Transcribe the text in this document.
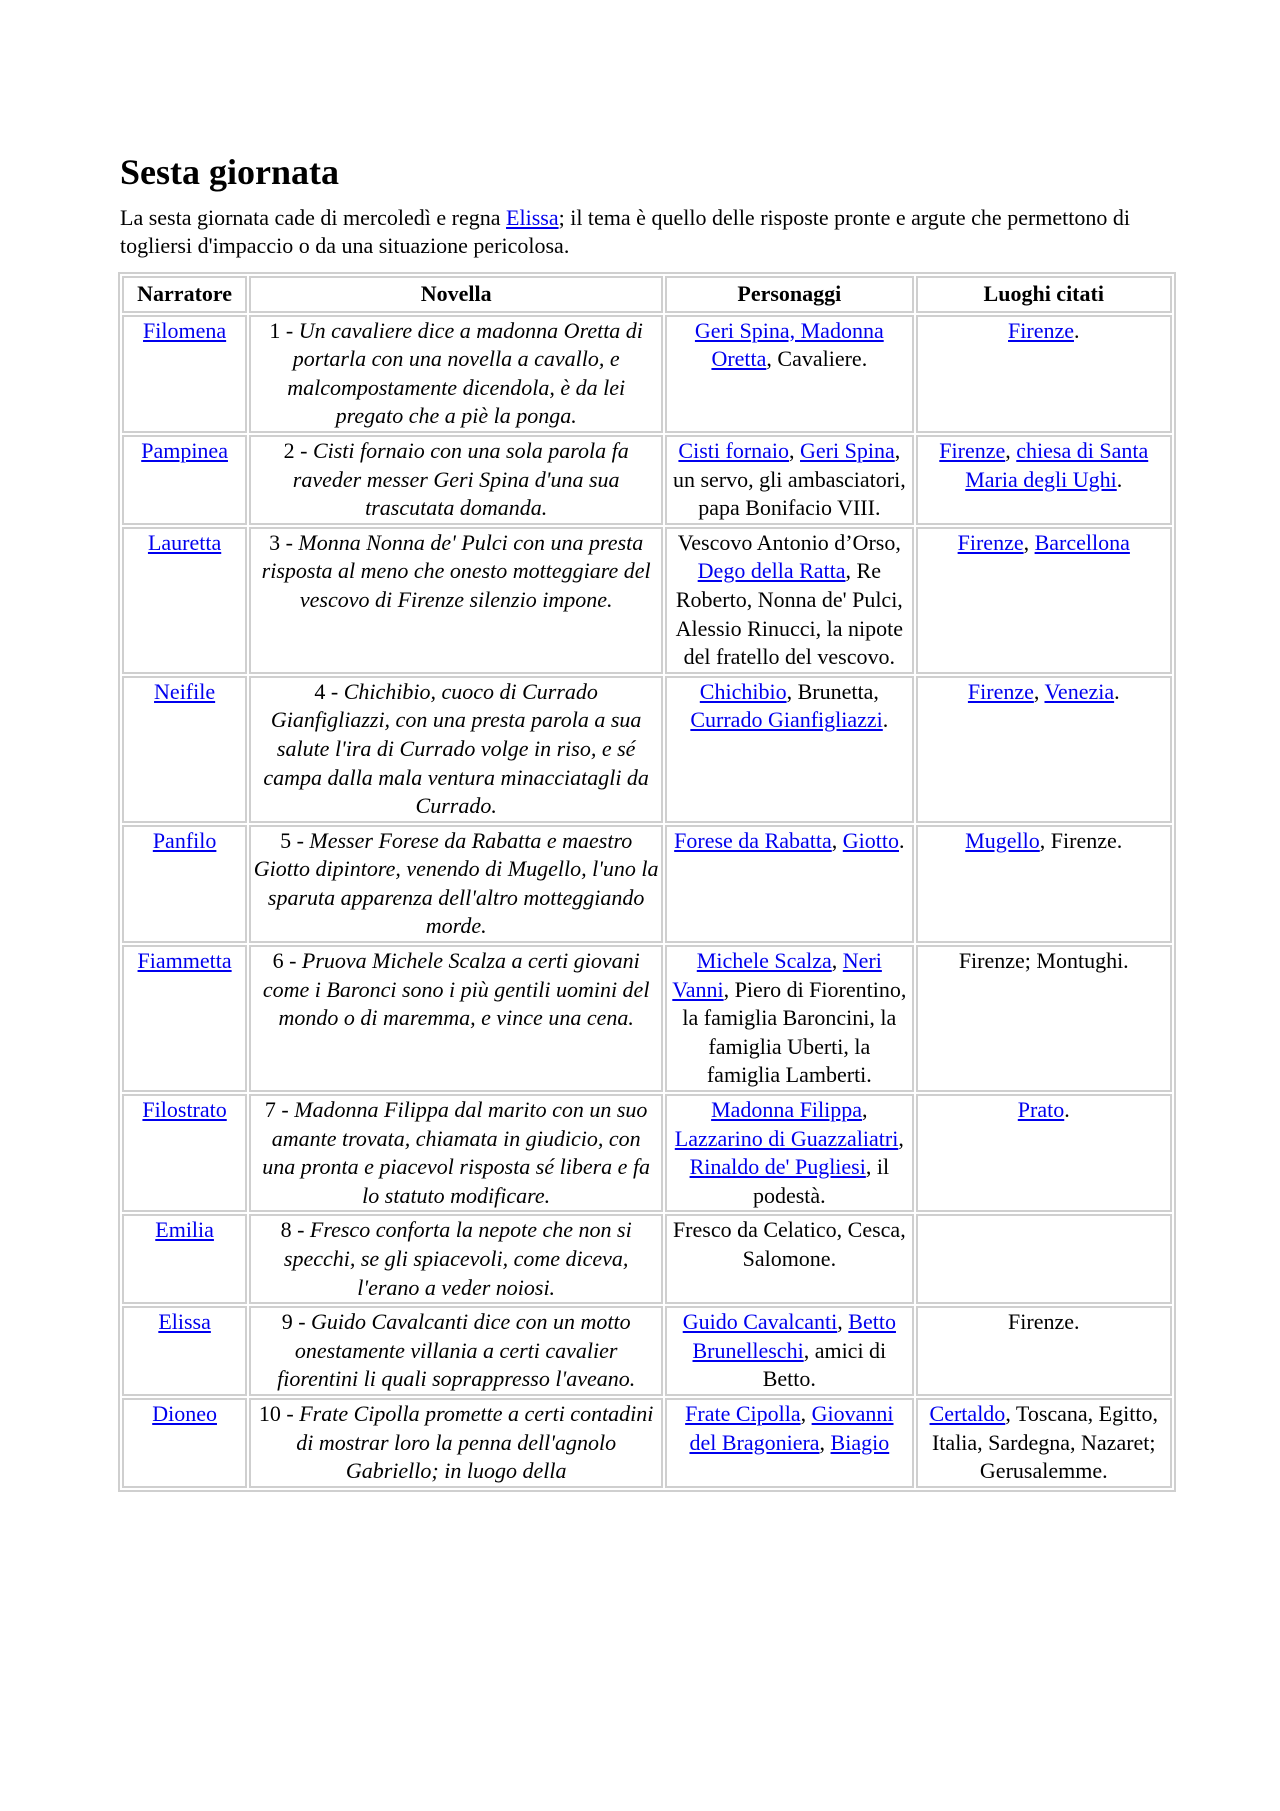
Sesta giornata

La sesta giornata cade di mercoledì e regna Elissa; il tema è quello delle risposte pronte e argute che permettono di togliersi d'impaccio o da una situazione pericolosa.

Narratore	Novella	Personaggi	Luoghi citati
Filomena	1 - Un cavaliere dice a madonna Oretta di portarla con una novella a cavallo, e malcompostamente dicendola, è da lei pregato che a piè la ponga.	Geri Spina, Madonna Oretta, Cavaliere.	Firenze.
Pampinea	2 - Cisti fornaio con una sola parola fa raveder messer Geri Spina d'una sua trascutata domanda.	Cisti fornaio, Geri Spina, un servo, gli ambasciatori, papa Bonifacio VIII.	Firenze, chiesa di Santa Maria degli Ughi.
Lauretta	3 - Monna Nonna de' Pulci con una presta risposta al meno che onesto motteggiare del vescovo di Firenze silenzio impone.	Vescovo Antonio d’Orso, Dego della Ratta, Re Roberto, Nonna de' Pulci, Alessio Rinucci, la nipote del fratello del vescovo.	Firenze, Barcellona
Neifile	4 - Chichibio, cuoco di Currado Gianfigliazzi, con una presta parola a sua salute l'ira di Currado volge in riso, e sé campa dalla mala ventura minacciatagli da Currado.	Chichibio, Brunetta, Currado Gianfigliazzi.	Firenze, Venezia.
Panfilo	5 - Messer Forese da Rabatta e maestro Giotto dipintore, venendo di Mugello, l'uno la sparuta apparenza dell'altro motteggiando morde.	Forese da Rabatta, Giotto.	Mugello, Firenze.
Fiammetta	6 - Pruova Michele Scalza a certi giovani come i Baronci sono i più gentili uomini del mondo o di maremma, e vince una cena.	Michele Scalza, Neri Vanni, Piero di Fiorentino, la famiglia Baroncini, la famiglia Uberti, la famiglia Lamberti.	Firenze; Montughi.
Filostrato	7 - Madonna Filippa dal marito con un suo amante trovata, chiamata in giudicio, con una pronta e piacevol risposta sé libera e fa lo statuto modificare.	Madonna Filippa, Lazzarino di Guazzaliatri, Rinaldo de' Pugliesi, il podestà.	Prato.
Emilia	8 - Fresco conforta la nepote che non si specchi, se gli spiacevoli, come diceva, l'erano a veder noiosi.	Fresco da Celatico, Cesca, Salomone.	
Elissa	9 - Guido Cavalcanti dice con un motto onestamente villania a certi cavalier fiorentini li quali soprappresso l'aveano.	Guido Cavalcanti, Betto Brunelleschi, amici di Betto.	Firenze.
Dioneo	10 - Frate Cipolla promette a certi contadini di mostrar loro la penna dell'agnolo Gabriello; in luogo della	Frate Cipolla, Giovanni del Bragoniera, Biagio	Certaldo, Toscana, Egitto, Italia, Sardegna, Nazaret; Gerusalemme.
